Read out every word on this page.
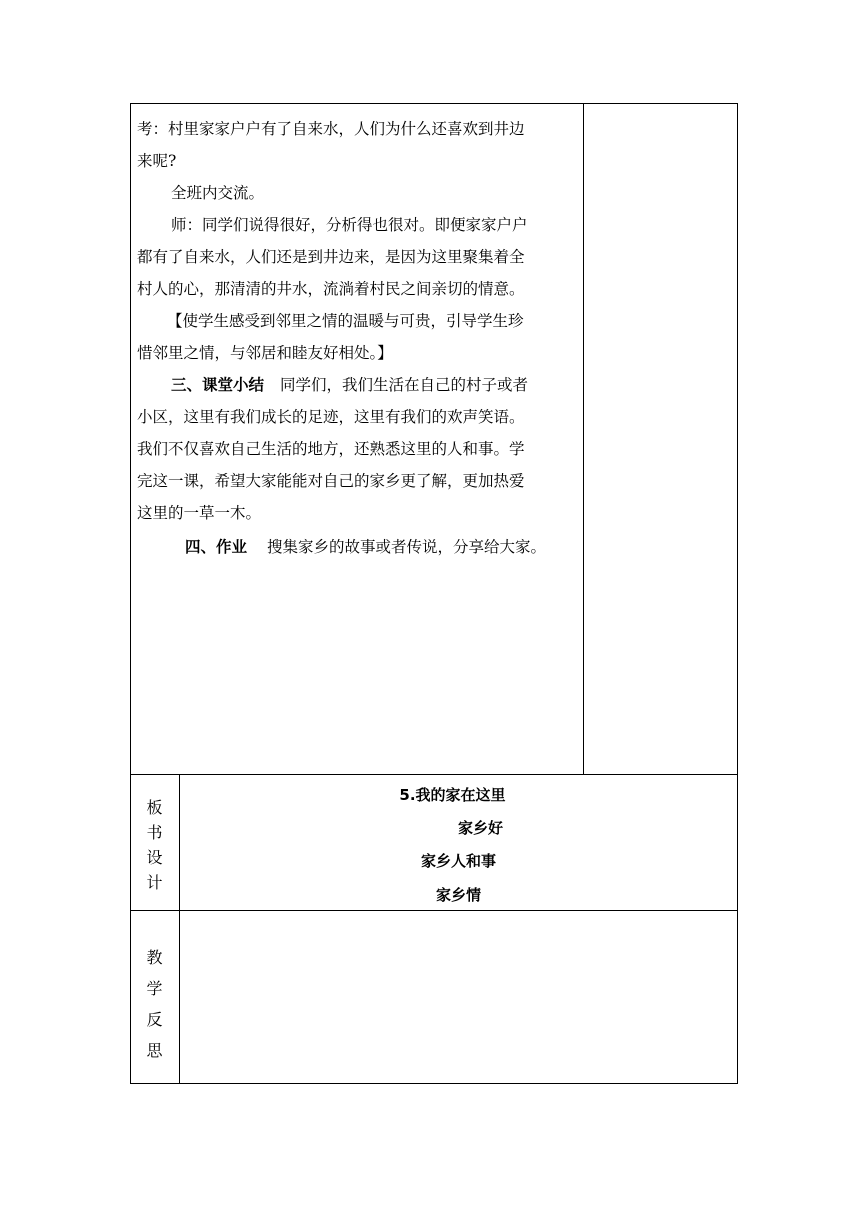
考：村里家家户户有了自来水，人们为什么还喜欢到井边

来呢?

全班内交流。

师：同学们说得很好，分析得也很对。即便家家户户

都有了自来水，人们还是到井边来，是因为这里聚集着全

村人的心，那清清的井水，流淌着村民之间亲切的情意。

【使学生感受到邻里之情的温暖与可贵，引导学生珍

惜邻里之情，与邻居和睦友好相处。】

三、课堂小结 同学们，我们生活在自己的村子或者

小区，这里有我们成长的足迹，这里有我们的欢声笑语。

我们不仅喜欢自己生活的地方，还熟悉这里的人和事。学

完这一课，希望大家能能对自己的家乡更了解，更加热爱

这里的一草一木。

四、作业 搜集家乡的故事或者传说，分享给大家。

板
书
设
计
5.我的家在这里
家乡好
家乡人和事
家乡情
教
学
反
思
